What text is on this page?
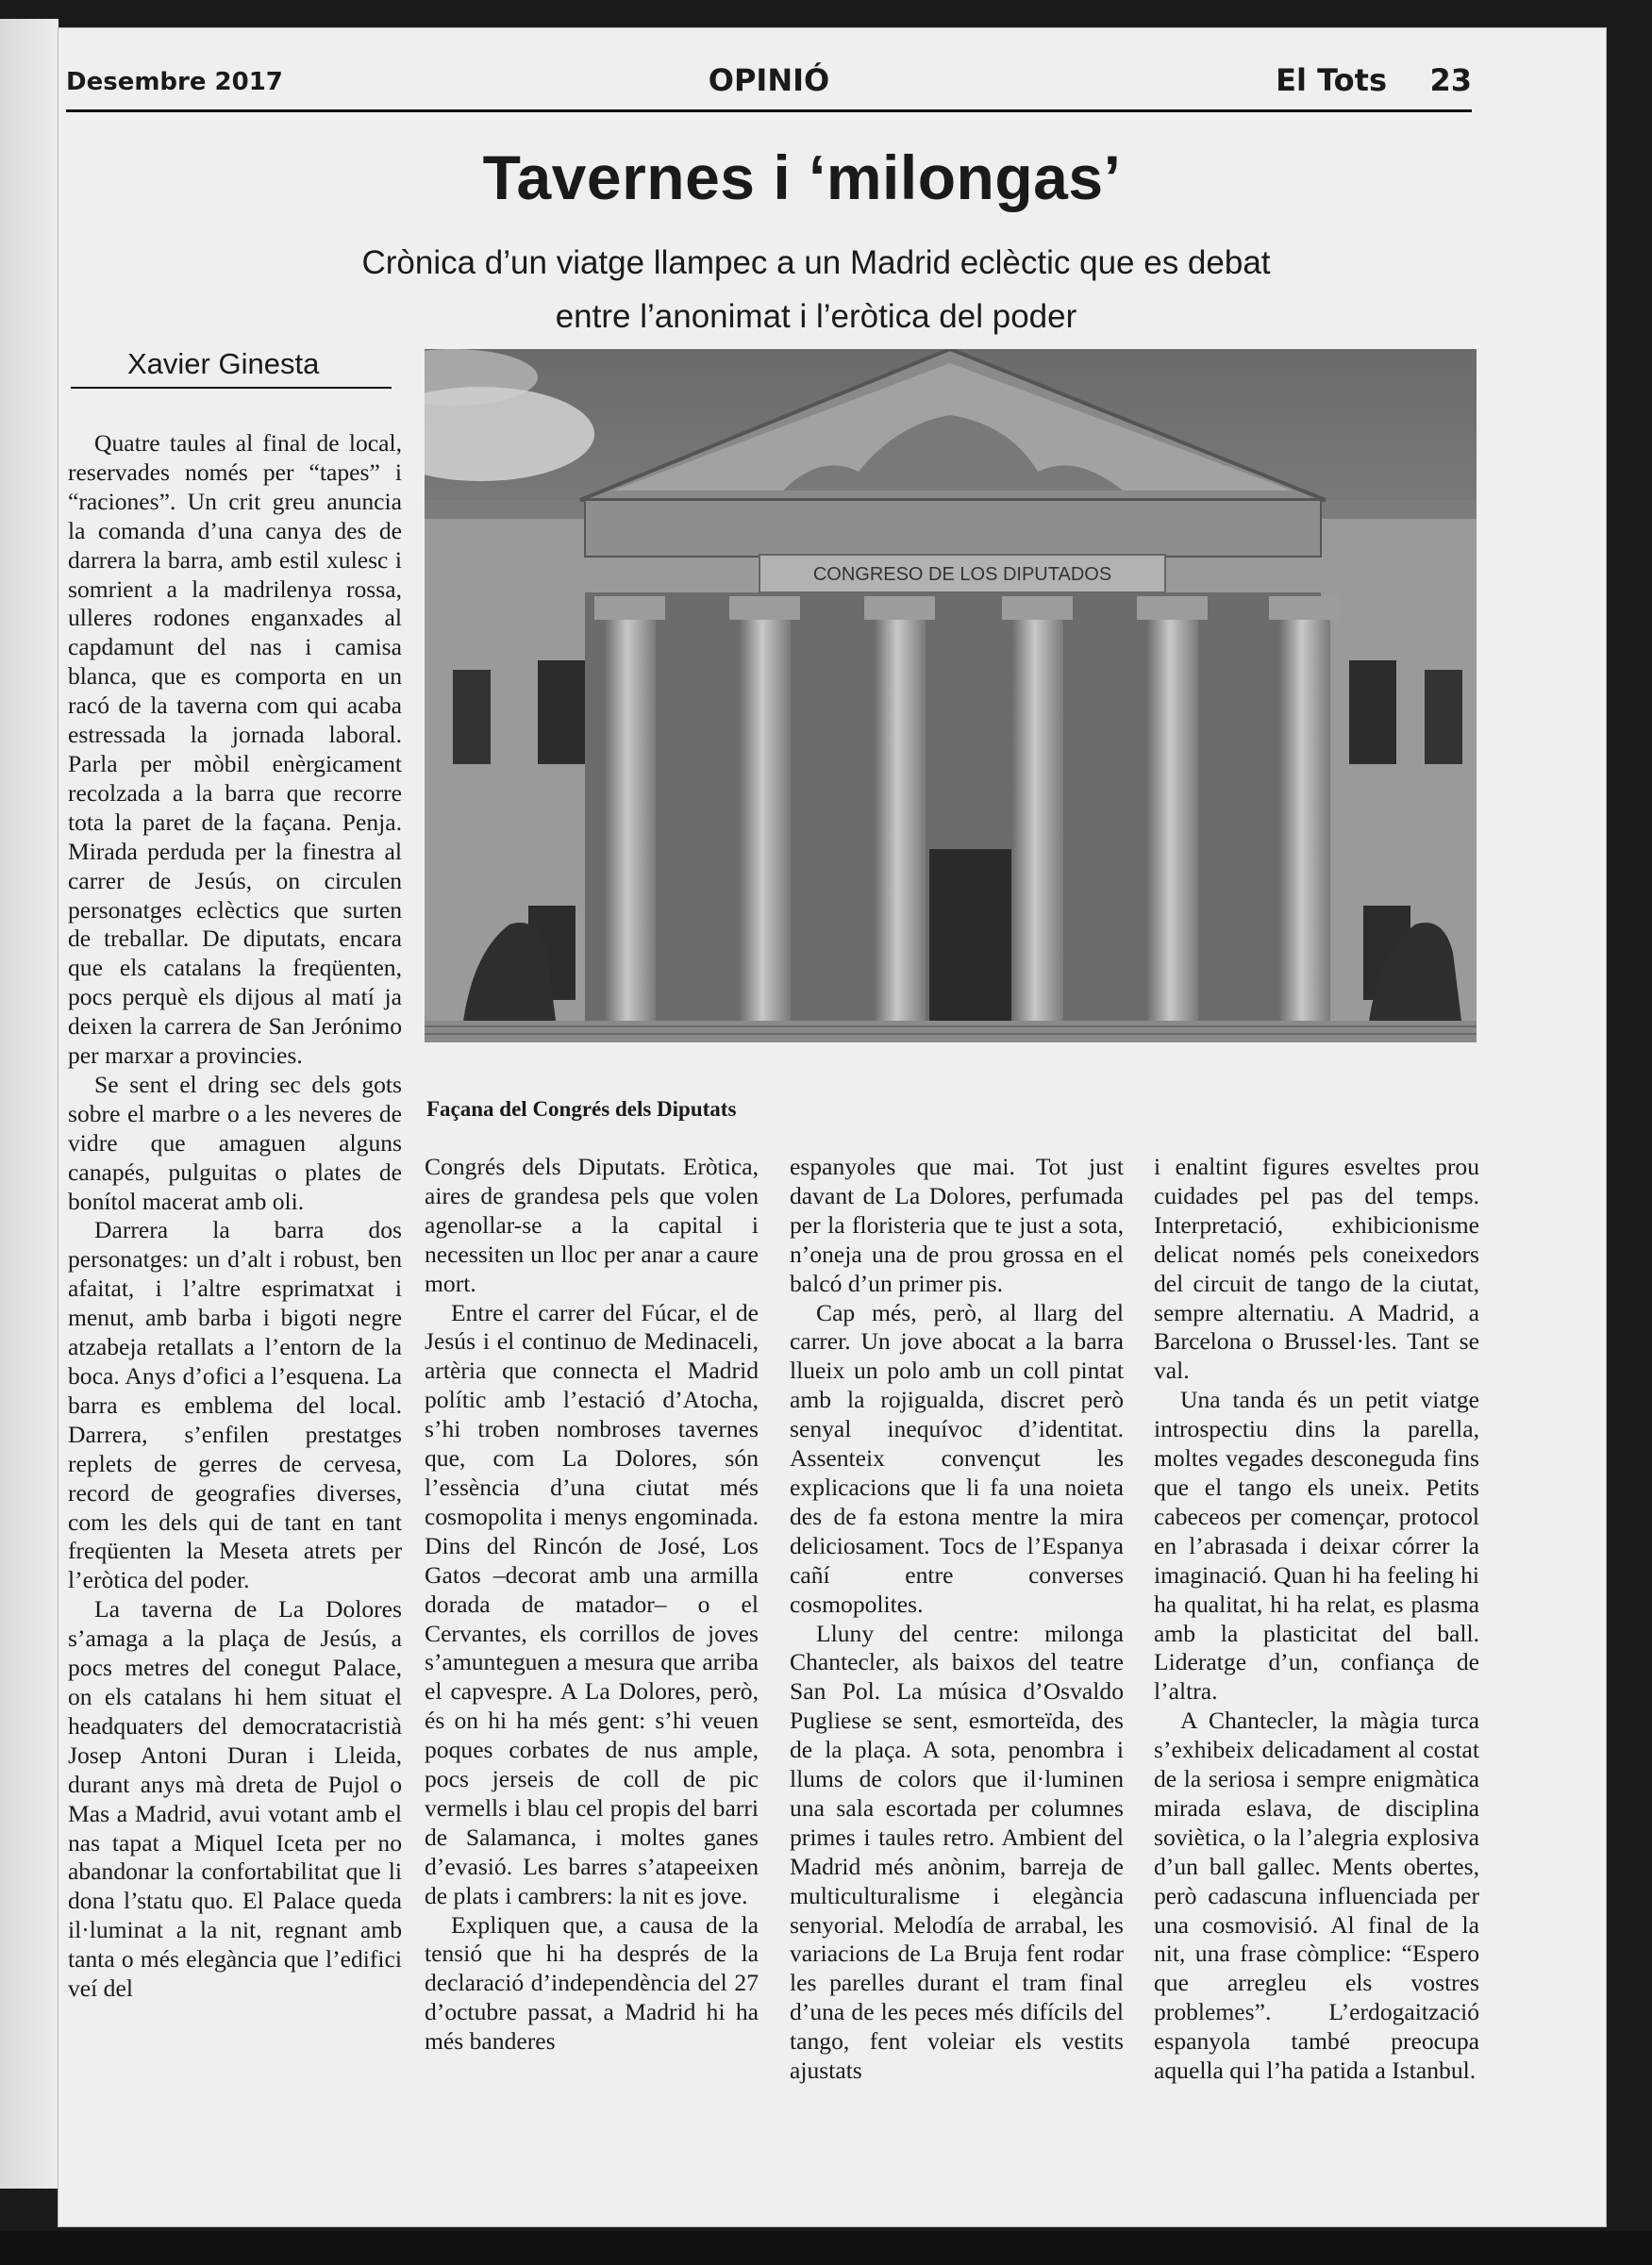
Desembre 2017	OPINIÓ	El Tots 23
Tavernes i ‘milongas’
Crònica d’un viatge llampec a un Madrid eclèctic que es debat
entre l’anonimat i l’eròtica del poder
Xavier Ginesta
CONGRESO DE LOS DIPUTADOS
Façana del Congrés dels Diputats

Quatre taules al final de local, reservades només per “tapes” i “raciones”. Un crit greu anuncia la comanda d’una canya des de darrera la barra, amb estil xulesc i somrient a la madrilenya rossa, ulleres rodones enganxades al capdamunt del nas i camisa blanca, que es comporta en un racó de la taverna com qui acaba estressada la jornada laboral. Parla per mòbil enèrgicament recolzada a la barra que recorre tota la paret de la façana. Penja. Mirada perduda per la finestra al carrer de Jesús, on circulen personatges eclèctics que surten de treballar. De diputats, encara que els catalans la freqüenten, pocs perquè els dijous al matí ja deixen la carrera de San Jerónimo per marxar a provincies.

Se sent el dring sec dels gots sobre el marbre o a les neveres de vidre que amaguen alguns canapés, pulguitas o plates de bonítol macerat amb oli.

Darrera la barra dos personatges: un d’alt i robust, ben afaitat, i l’altre esprimatxat i menut, amb barba i bigoti negre atzabeja retallats a l’entorn de la boca. Anys d’ofici a l’esquena. La barra es emblema del local. Darrera, s’enfilen prestatges replets de gerres de cervesa, record de geografies diverses, com les dels qui de tant en tant freqüenten la Meseta atrets per l’eròtica del poder.

La taverna de La Dolores s’amaga a la plaça de Jesús, a pocs metres del conegut Palace, on els catalans hi hem situat el headquaters del democratacristià Josep Antoni Duran i Lleida, durant anys mà dreta de Pujol o Mas a Madrid, avui votant amb el nas tapat a Miquel Iceta per no abandonar la confortabilitat que li dona l’statu quo. El Palace queda il·luminat a la nit, regnant amb tanta o més elegància que l’edifici veí del

Congrés dels Diputats. Eròtica, aires de grandesa pels que volen agenollar-se a la capital i necessiten un lloc per anar a caure mort.

Entre el carrer del Fúcar, el de Jesús i el continuo de Medinaceli, artèria que connecta el Madrid polític amb l’estació d’Atocha, s’hi troben nombroses tavernes que, com La Dolores, són l’essència d’una ciutat més cosmopolita i menys engominada. Dins del Rincón de José, Los Gatos –decorat amb una armilla dorada de matador– o el Cervantes, els corrillos de joves s’amunteguen a mesura que arriba el capvespre. A La Dolores, però, és on hi ha més gent: s’hi veuen poques corbates de nus ample, pocs jerseis de coll de pic vermells i blau cel propis del barri de Salamanca, i moltes ganes d’evasió. Les barres s’atapeeixen de plats i cambrers: la nit es jove.

Expliquen que, a causa de la tensió que hi ha després de la declaració d’independència del 27 d’octubre passat, a Madrid hi ha més banderes

espanyoles que mai. Tot just davant de La Dolores, perfumada per la floristeria que te just a sota, n’oneja una de prou grossa en el balcó d’un primer pis.

Cap més, però, al llarg del carrer. Un jove abocat a la barra llueix un polo amb un coll pintat amb la rojigualda, discret però senyal inequívoc d’identitat. Assenteix convençut les explicacions que li fa una noieta des de fa estona mentre la mira deliciosament. Tocs de l’Espanya cañí entre converses cosmopolites.

Lluny del centre: milonga Chantecler, als baixos del teatre San Pol. La música d’Osvaldo Pugliese se sent, esmorteïda, des de la plaça. A sota, penombra i llums de colors que il·luminen una sala escortada per columnes primes i taules retro. Ambient del Madrid més anònim, barreja de multiculturalisme i elegància senyorial. Melodía de arrabal, les variacions de La Bruja fent rodar les parelles durant el tram final d’una de les peces més difícils del tango, fent voleiar els vestits ajustats

i enaltint figures esveltes prou cuidades pel pas del temps. Interpretació, exhibicionisme delicat només pels coneixedors del circuit de tango de la ciutat, sempre alternatiu. A Madrid, a Barcelona o Brussel·les. Tant se val.

Una tanda és un petit viatge introspectiu dins la parella, moltes vegades desconeguda fins que el tango els uneix. Petits cabeceos per començar, protocol en l’abrasada i deixar córrer la imaginació. Quan hi ha feeling hi ha qualitat, hi ha relat, es plasma amb la plasticitat del ball. Lideratge d’un, confiança de l’altra.

A Chantecler, la màgia turca s’exhibeix delicadament al costat de la seriosa i sempre enigmàtica mirada eslava, de disciplina soviètica, o la l’alegria explosiva d’un ball gallec. Ments obertes, però cadascuna influenciada per una cosmovisió. Al final de la nit, una frase còmplice: “Espero que arregleu els vostres problemes”. L’erdogaització espanyola també preocupa aquella qui l’ha patida a Istanbul.
